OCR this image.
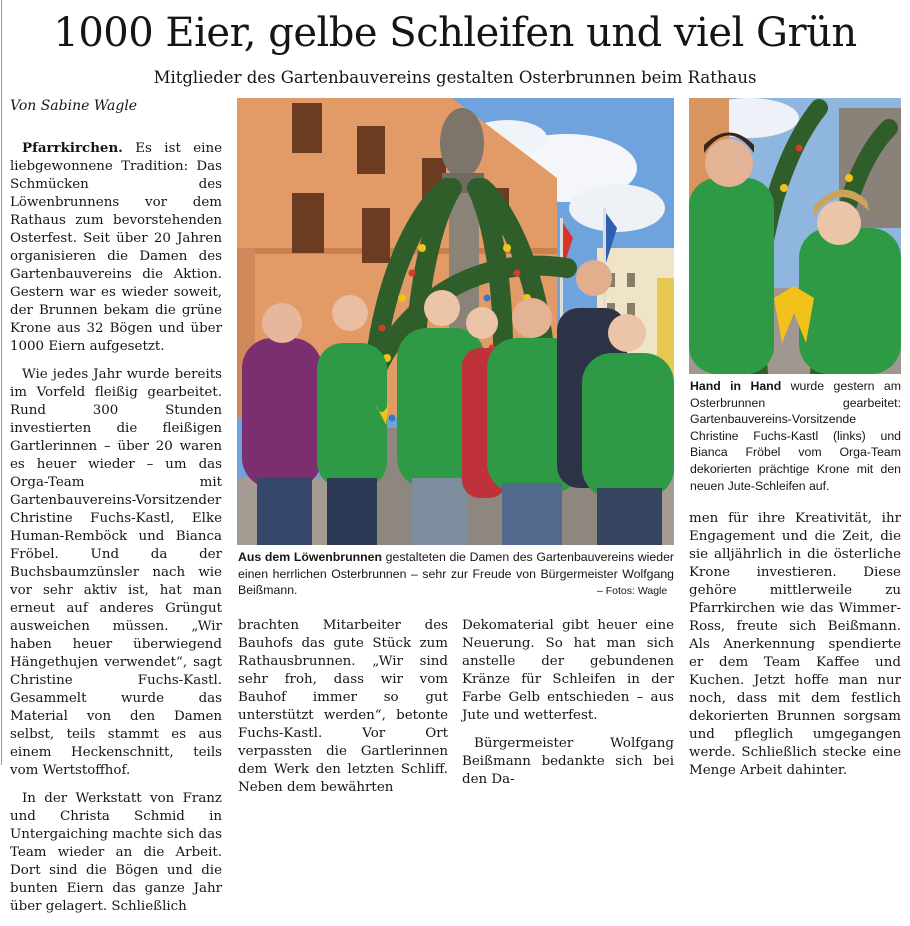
1000 Eier, gelbe Schleifen und viel Grün
Mitglieder des Gartenbauvereins gestalten Osterbrunnen beim Rathaus
Von Sabine Wagle

Pfarrkirchen. Es ist eine liebgewonnene Tradition: Das Schmücken des Löwenbrunnens vor dem Rathaus zum bevorstehenden Osterfest. Seit über 20 Jahren organisieren die Damen des Gartenbauvereins die Aktion. Gestern war es wieder soweit, der Brunnen bekam die grüne Krone aus 32 Bögen und über 1000 Eiern aufgesetzt.

Wie jedes Jahr wurde bereits im Vorfeld fleißig gearbeitet. Rund 300 Stunden investierten die fleißigen Gartlerinnen – über 20 waren es heuer wieder – um das Orga-Team mit Gartenbauvereins-Vorsitzender Christine Fuchs-Kastl, Elke Human-Remböck und Bianca Fröbel. Und da der Buchsbaumzünsler nach wie vor sehr aktiv ist, hat man erneut auf anderes Grüngut ausweichen müssen. „Wir haben heuer überwiegend Hängethujen verwendet“, sagt Christine Fuchs-Kastl. Gesammelt wurde das Material von den Damen selbst, teils stammt es aus einem Heckenschnitt, teils vom Wertstoffhof.

In der Werkstatt von Franz und Christa Schmid in Untergaiching machte sich das Team wieder an die Arbeit. Dort sind die Bögen und die bunten Eiern das ganze Jahr über gelagert. Schließlich

Aus dem Löwenbrunnen gestalteten die Damen des Gartenbauvereins wieder einen herrlichen Osterbrunnen – sehr zur Freude von Bürgermeister Wolfgang Beißmann.	– Fotos: Wagle

brachten Mitarbeiter des Bauhofs das gute Stück zum Rathausbrunnen. „Wir sind sehr froh, dass wir vom Bauhof immer so gut unterstützt werden“, betonte Fuchs-Kastl. Vor Ort verpassten die Gartlerinnen dem Werk den letzten Schliff. Neben dem bewährten

Dekomaterial gibt heuer eine Neuerung. So hat man sich anstelle der gebundenen Kränze für Schleifen in der Farbe Gelb entschieden – aus Jute und wetterfest.

Bürgermeister Wolfgang Beißmann bedankte sich bei den Da-

Hand in Hand wurde gestern am Osterbrunnen gearbeitet: Gartenbauvereins-Vorsitzende Christine Fuchs-Kastl (links) und Bianca Fröbel vom Orga-Team dekorierten prächtige Krone mit den neuen Jute-Schleifen auf.

men für ihre Kreativität, ihr Engagement und die Zeit, die sie alljährlich in die österliche Krone investieren. Diese gehöre mittlerweile zu Pfarrkirchen wie das Wimmer-Ross, freute sich Beißmann. Als Anerkennung spendierte er dem Team Kaffee und Kuchen. Jetzt hoffe man nur noch, dass mit dem festlich dekorierten Brunnen sorgsam und pfleglich umgegangen werde. Schließlich stecke eine Menge Arbeit dahinter.
